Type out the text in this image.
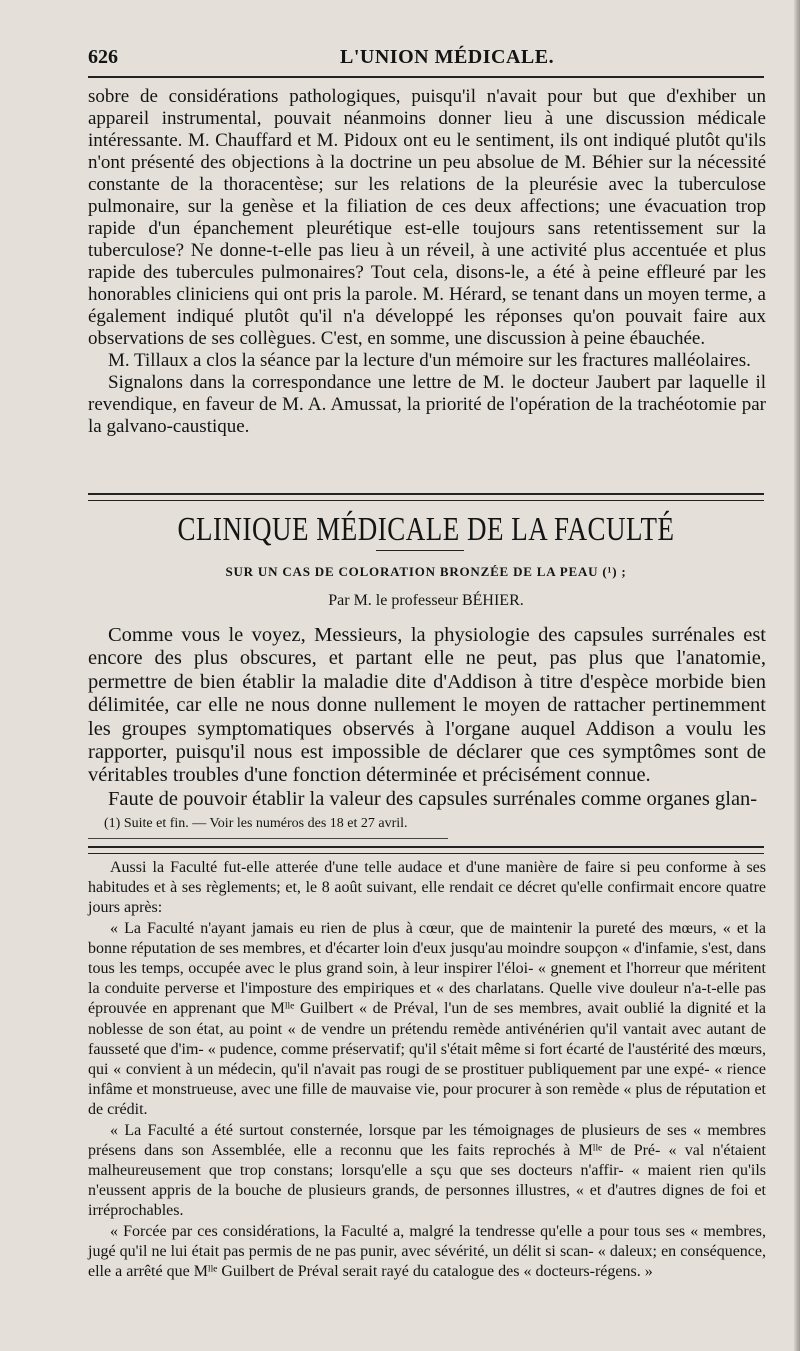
626	L'UNION MÉDICALE.

sobre de considérations pathologiques, puisqu'il n'avait pour but que d'exhiber un appareil instrumental, pouvait néanmoins donner lieu à une discussion médicale intéressante. M. Chauffard et M. Pidoux ont eu le sentiment, ils ont indiqué plutôt qu'ils n'ont présenté des objections à la doctrine un peu absolue de M. Béhier sur la nécessité constante de la thoracentèse; sur les relations de la pleurésie avec la tuberculose pulmonaire, sur la genèse et la filiation de ces deux affections; une évacuation trop rapide d'un épanchement pleurétique est-elle toujours sans retentissement sur la tuberculose? Ne donne-t-elle pas lieu à un réveil, à une activité plus accentuée et plus rapide des tubercules pulmonaires? Tout cela, disons-le, a été à peine effleuré par les honorables cliniciens qui ont pris la parole. M. Hérard, se tenant dans un moyen terme, a également indiqué plutôt qu'il n'a développé les réponses qu'on pouvait faire aux observations de ses collègues. C'est, en somme, une discussion à peine ébauchée.

M. Tillaux a clos la séance par la lecture d'un mémoire sur les fractures malléolaires.

Signalons dans la correspondance une lettre de M. le docteur Jaubert par laquelle il revendique, en faveur de M. A. Amussat, la priorité de l'opération de la trachéotomie par la galvano-caustique.

CLINIQUE MÉDICALE DE LA FACULTÉ
SUR UN CAS DE COLORATION BRONZÉE DE LA PEAU (¹) ;
Par M. le professeur BÉHIER.

Comme vous le voyez, Messieurs, la physiologie des capsules surrénales est encore des plus obscures, et partant elle ne peut, pas plus que l'anatomie, permettre de bien établir la maladie dite d'Addison à titre d'espèce morbide bien délimitée, car elle ne nous donne nullement le moyen de rattacher pertinemment les groupes symptomatiques observés à l'organe auquel Addison a voulu les rapporter, puisqu'il nous est impossible de déclarer que ces symptômes sont de véritables troubles d'une fonction déterminée et précisément connue.

Faute de pouvoir établir la valeur des capsules surrénales comme organes glan-

(1) Suite et fin. — Voir les numéros des 18 et 27 avril.

Aussi la Faculté fut-elle atterée d'une telle audace et d'une manière de faire si peu conforme à ses habitudes et à ses règlements; et, le 8 août suivant, elle rendait ce décret qu'elle confirmait encore quatre jours après:

« La Faculté n'ayant jamais eu rien de plus à cœur, que de maintenir la pureté des mœurs, « et la bonne réputation de ses membres, et d'écarter loin d'eux jusqu'au moindre soupçon « d'infamie, s'est, dans tous les temps, occupée avec le plus grand soin, à leur inspirer l'éloi- « gnement et l'horreur que méritent la conduite perverse et l'imposture des empiriques et « des charlatans. Quelle vive douleur n'a-t-elle pas éprouvée en apprenant que Mˡˡᵉ Guilbert « de Préval, l'un de ses membres, avait oublié la dignité et la noblesse de son état, au point « de vendre un prétendu remède antivénérien qu'il vantait avec autant de fausseté que d'im- « pudence, comme préservatif; qu'il s'était même si fort écarté de l'austérité des mœurs, qui « convient à un médecin, qu'il n'avait pas rougi de se prostituer publiquement par une expé- « rience infâme et monstrueuse, avec une fille de mauvaise vie, pour procurer à son remède « plus de réputation et de crédit.

« La Faculté a été surtout consternée, lorsque par les témoignages de plusieurs de ses « membres présens dans son Assemblée, elle a reconnu que les faits reprochés à Mˡˡᵉ de Pré- « val n'étaient malheureusement que trop constans; lorsqu'elle a sçu que ses docteurs n'affir- « maient rien qu'ils n'eussent appris de la bouche de plusieurs grands, de personnes illustres, « et d'autres dignes de foi et irréprochables.

« Forcée par ces considérations, la Faculté a, malgré la tendresse qu'elle a pour tous ses « membres, jugé qu'il ne lui était pas permis de ne pas punir, avec sévérité, un délit si scan- « daleux; en conséquence, elle a arrêté que Mˡˡᵉ Guilbert de Préval serait rayé du catalogue des « docteurs-régens. »
